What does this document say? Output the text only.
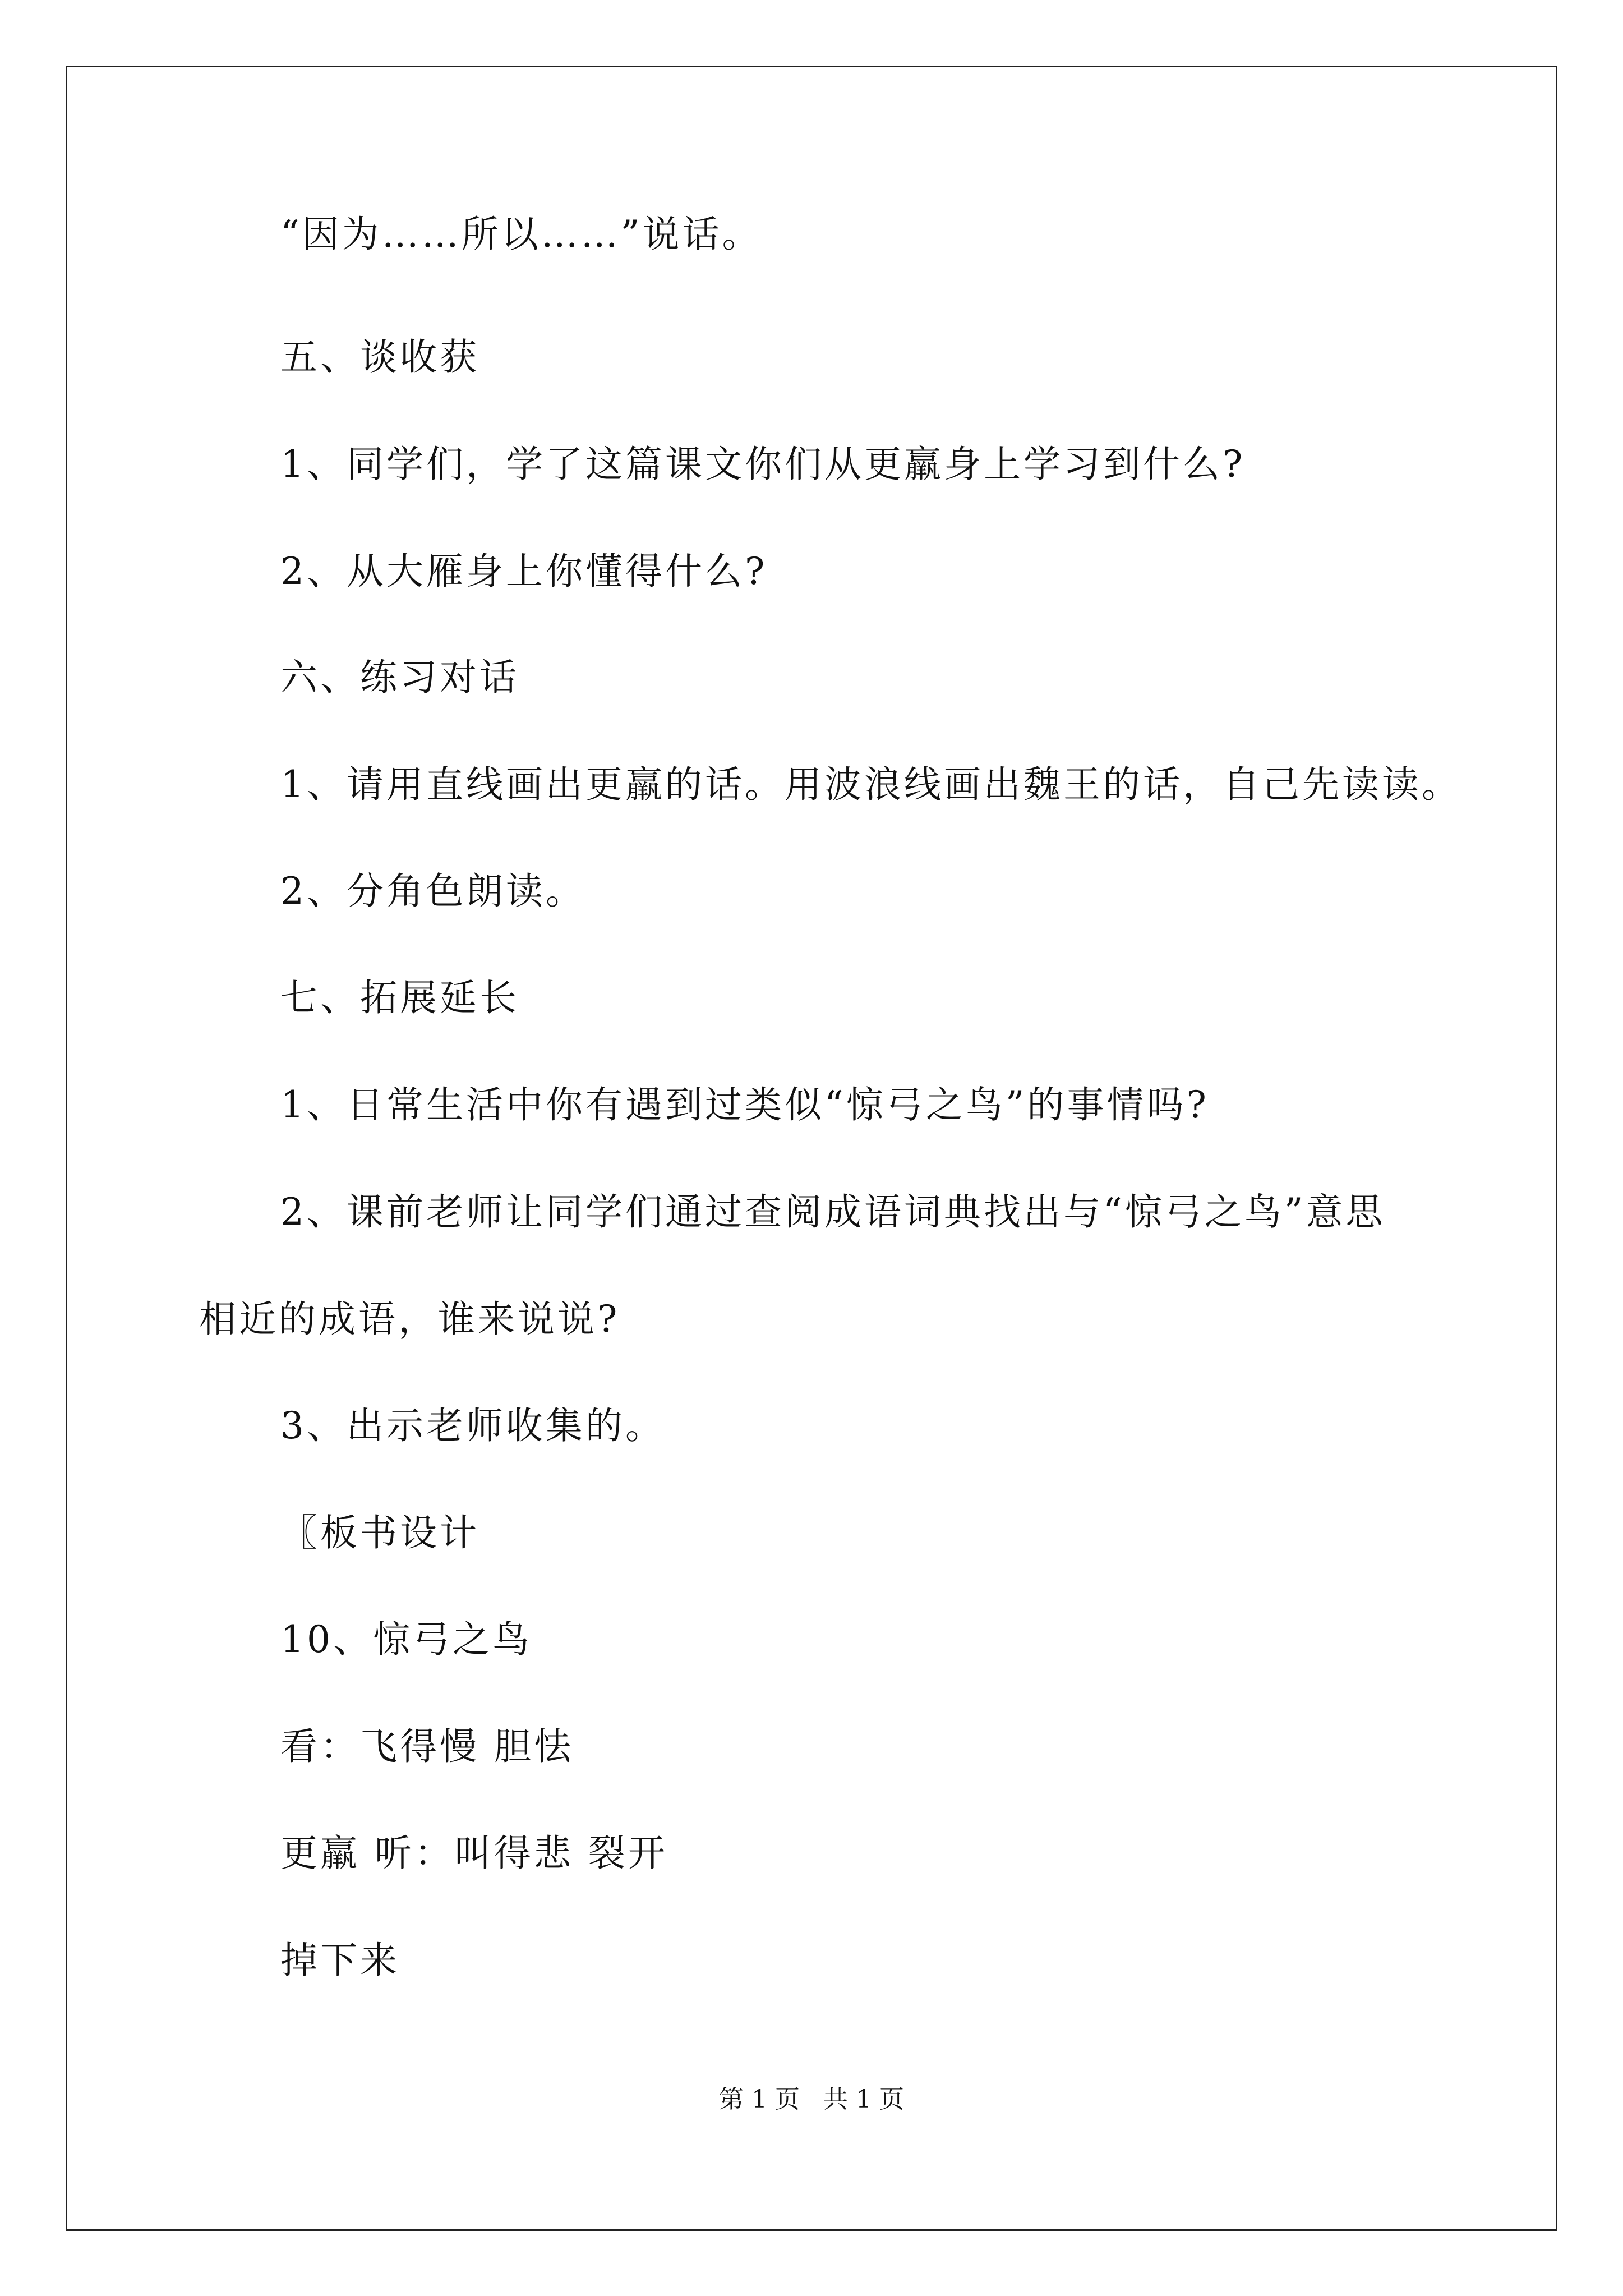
“因为……所以……”说话。
五、谈收获
1、同学们，学了这篇课文你们从更羸身上学习到什么?
2、从大雁身上你懂得什么?
六、练习对话
1、请用直线画出更羸的话。用波浪线画出魏王的话，自己先读读。
2、分角色朗读。
七、拓展延长
1、日常生活中你有遇到过类似“惊弓之鸟”的事情吗?
2、课前老师让同学们通过查阅成语词典找出与“惊弓之鸟”意思
相近的成语，谁来说说?
3、出示老师收集的。
〖板书设计
10、惊弓之鸟
看：飞得慢 胆怯
更羸 听：叫得悲 裂开
掉下来
第 1 页   共 1 页
